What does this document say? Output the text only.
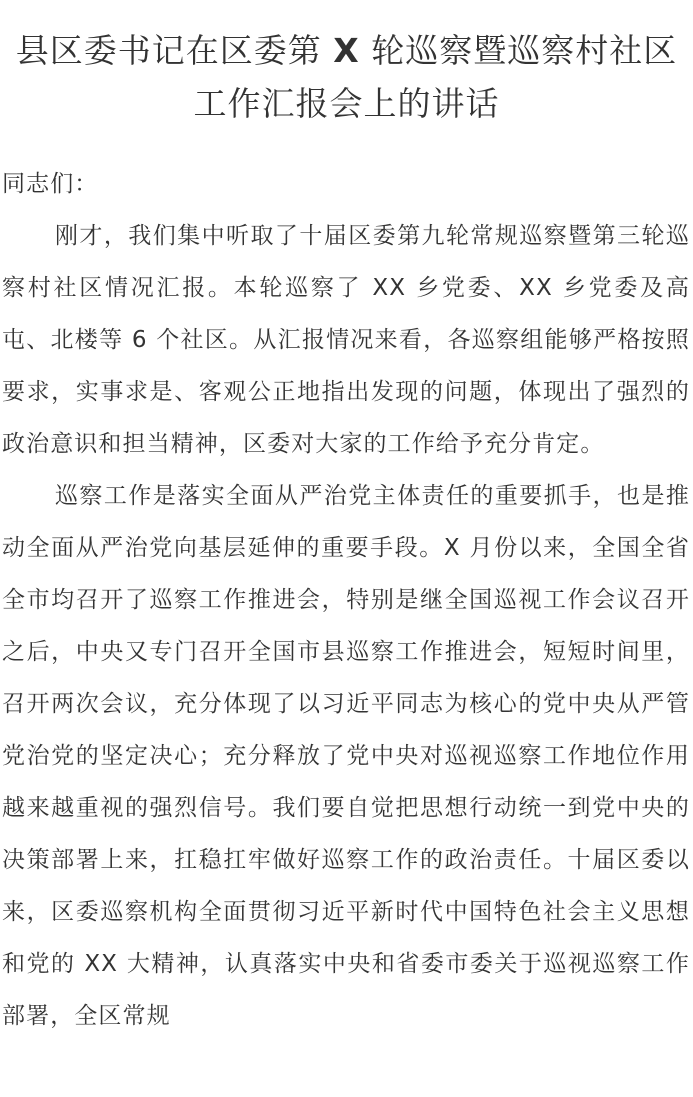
县区委书记在区委第 X 轮巡察暨巡察村社区工作汇报会上的讲话

同志们：

刚才，我们集中听取了十届区委第九轮常规巡察暨第三轮巡察村社区情况汇报。本轮巡察了 XX 乡党委、XX 乡党委及高屯、北楼等 6 个社区。从汇报情况来看，各巡察组能够严格按照要求，实事求是、客观公正地指出发现的问题，体现出了强烈的政治意识和担当精神，区委对大家的工作给予充分肯定。

巡察工作是落实全面从严治党主体责任的重要抓手，也是推动全面从严治党向基层延伸的重要手段。X 月份以来，全国全省全市均召开了巡察工作推进会，特别是继全国巡视工作会议召开之后，中央又专门召开全国市县巡察工作推进会，短短时间里，召开两次会议，充分体现了以习近平同志为核心的党中央从严管党治党的坚定决心；充分释放了党中央对巡视巡察工作地位作用越来越重视的强烈信号。我们要自觉把思想行动统一到党中央的决策部署上来，扛稳扛牢做好巡察工作的政治责任。十届区委以来，区委巡察机构全面贯彻习近平新时代中国特色社会主义思想和党的 XX 大精神，认真落实中央和省委市委关于巡视巡察工作部署，全区常规
